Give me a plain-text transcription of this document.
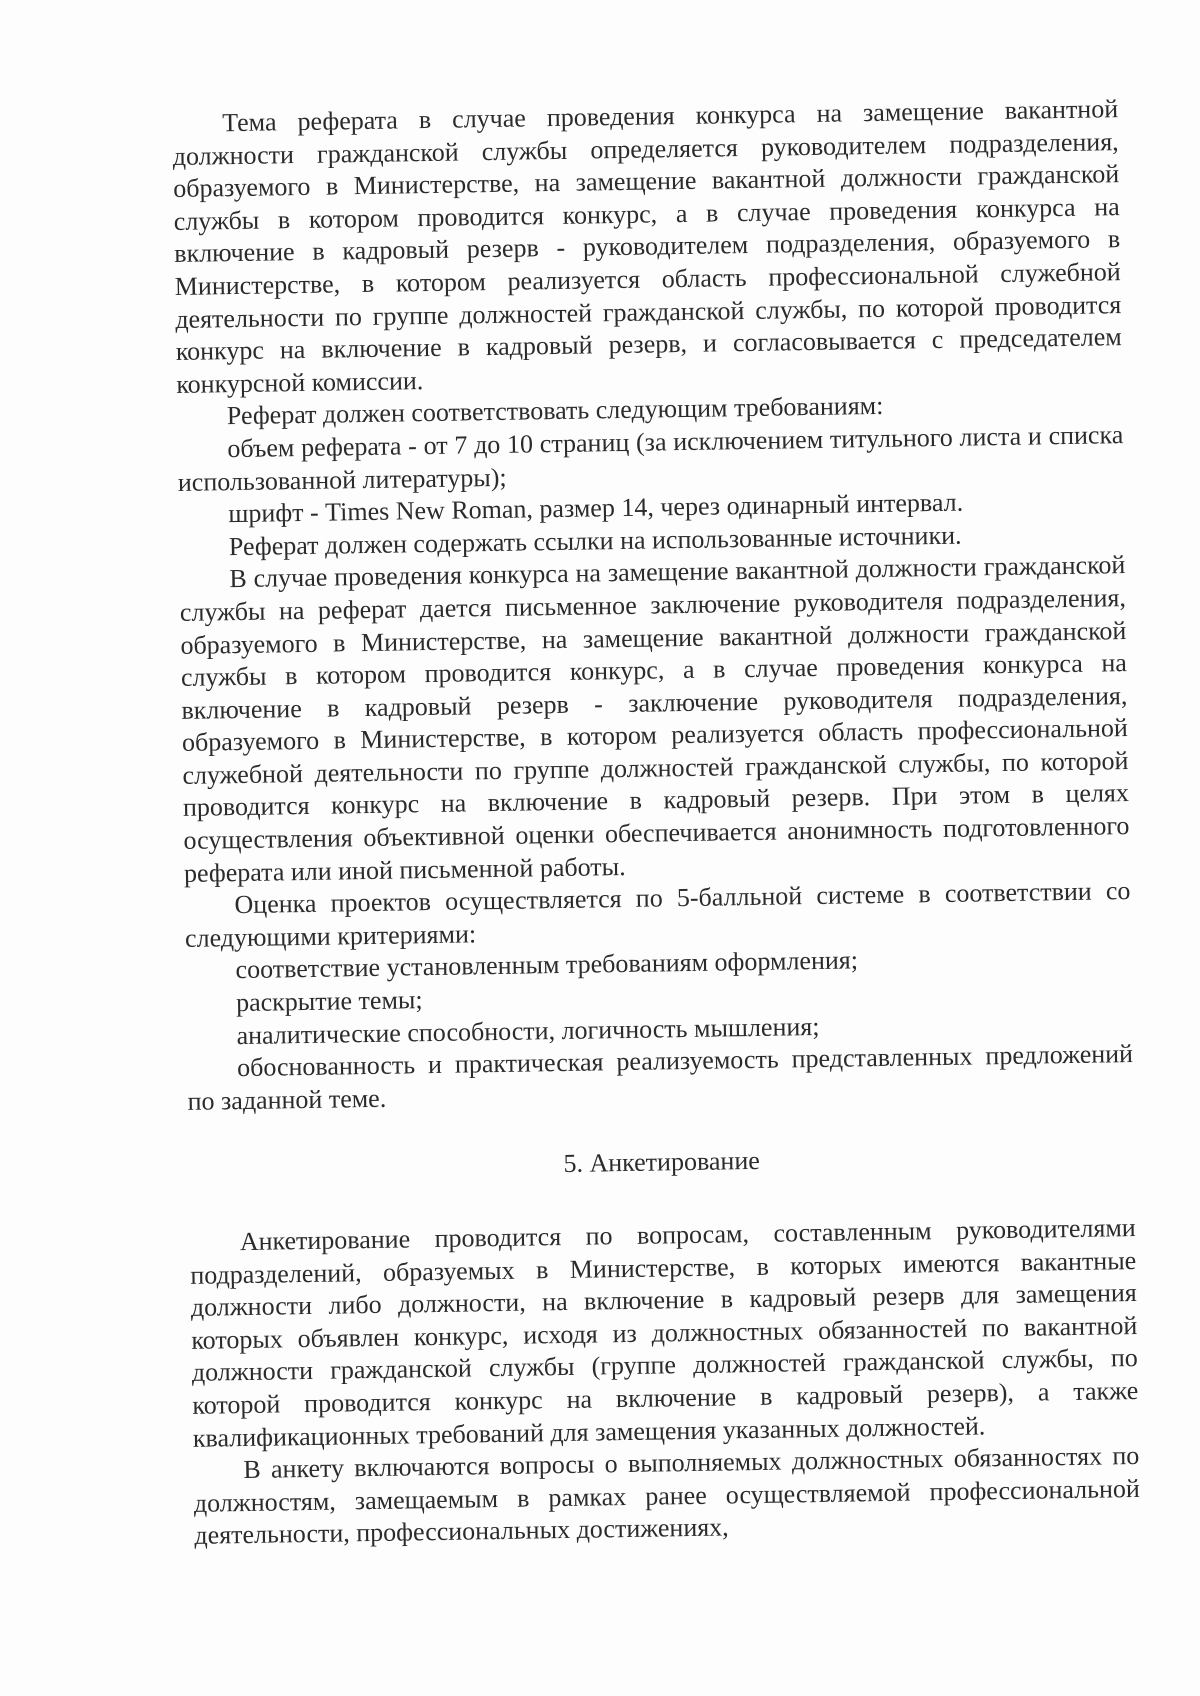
Тема реферата в случае проведения конкурса на замещение вакантной должности гражданской службы определяется руководителем подразделения, образуемого в Министерстве, на замещение вакантной должности гражданской службы в котором проводится конкурс, а в случае проведения конкурса на включение в кадровый резерв - руководителем подразделения, образуемого в Министерстве, в котором реализуется область профессиональной служебной деятельности по группе должностей гражданской службы, по которой проводится конкурс на включение в кадровый резерв, и согласовывается с председателем конкурсной комиссии.

Реферат должен соответствовать следующим требованиям:

объем реферата - от 7 до 10 страниц (за исключением титульного листа и списка использованной литературы);

шрифт - Times New Roman, размер 14, через одинарный интервал.

Реферат должен содержать ссылки на использованные источники.

В случае проведения конкурса на замещение вакантной должности гражданской службы на реферат дается письменное заключение руководителя подразделения, образуемого в Министерстве, на замещение вакантной должности гражданской службы в котором проводится конкурс, а в случае проведения конкурса на включение в кадровый резерв - заключение руководителя подразделения, образуемого в Министерстве, в котором реализуется область профессиональной служебной деятельности по группе должностей гражданской службы, по которой проводится конкурс на включение в кадровый резерв. При этом в целях осуществления объективной оценки обеспечивается анонимность подготовленного реферата или иной письменной работы.

Оценка проектов осуществляется по 5-балльной системе в соответствии со следующими критериями:

соответствие установленным требованиям оформления;

раскрытие темы;

аналитические способности, логичность мышления;

обоснованность и практическая реализуемость представленных предложений по заданной теме.

5. Анкетирование

Анкетирование проводится по вопросам, составленным руководителями подразделений, образуемых в Министерстве, в которых имеются вакантные должности либо должности, на включение в кадровый резерв для замещения которых объявлен конкурс, исходя из должностных обязанностей по вакантной должности гражданской службы (группе должностей гражданской службы, по которой проводится конкурс на включение в кадровый резерв), а также квалификационных требований для замещения указанных должностей.

В анкету включаются вопросы о выполняемых должностных обязанностях по должностям, замещаемым в рамках ранее осуществляемой профессиональной деятельности, профессиональных достижениях,
